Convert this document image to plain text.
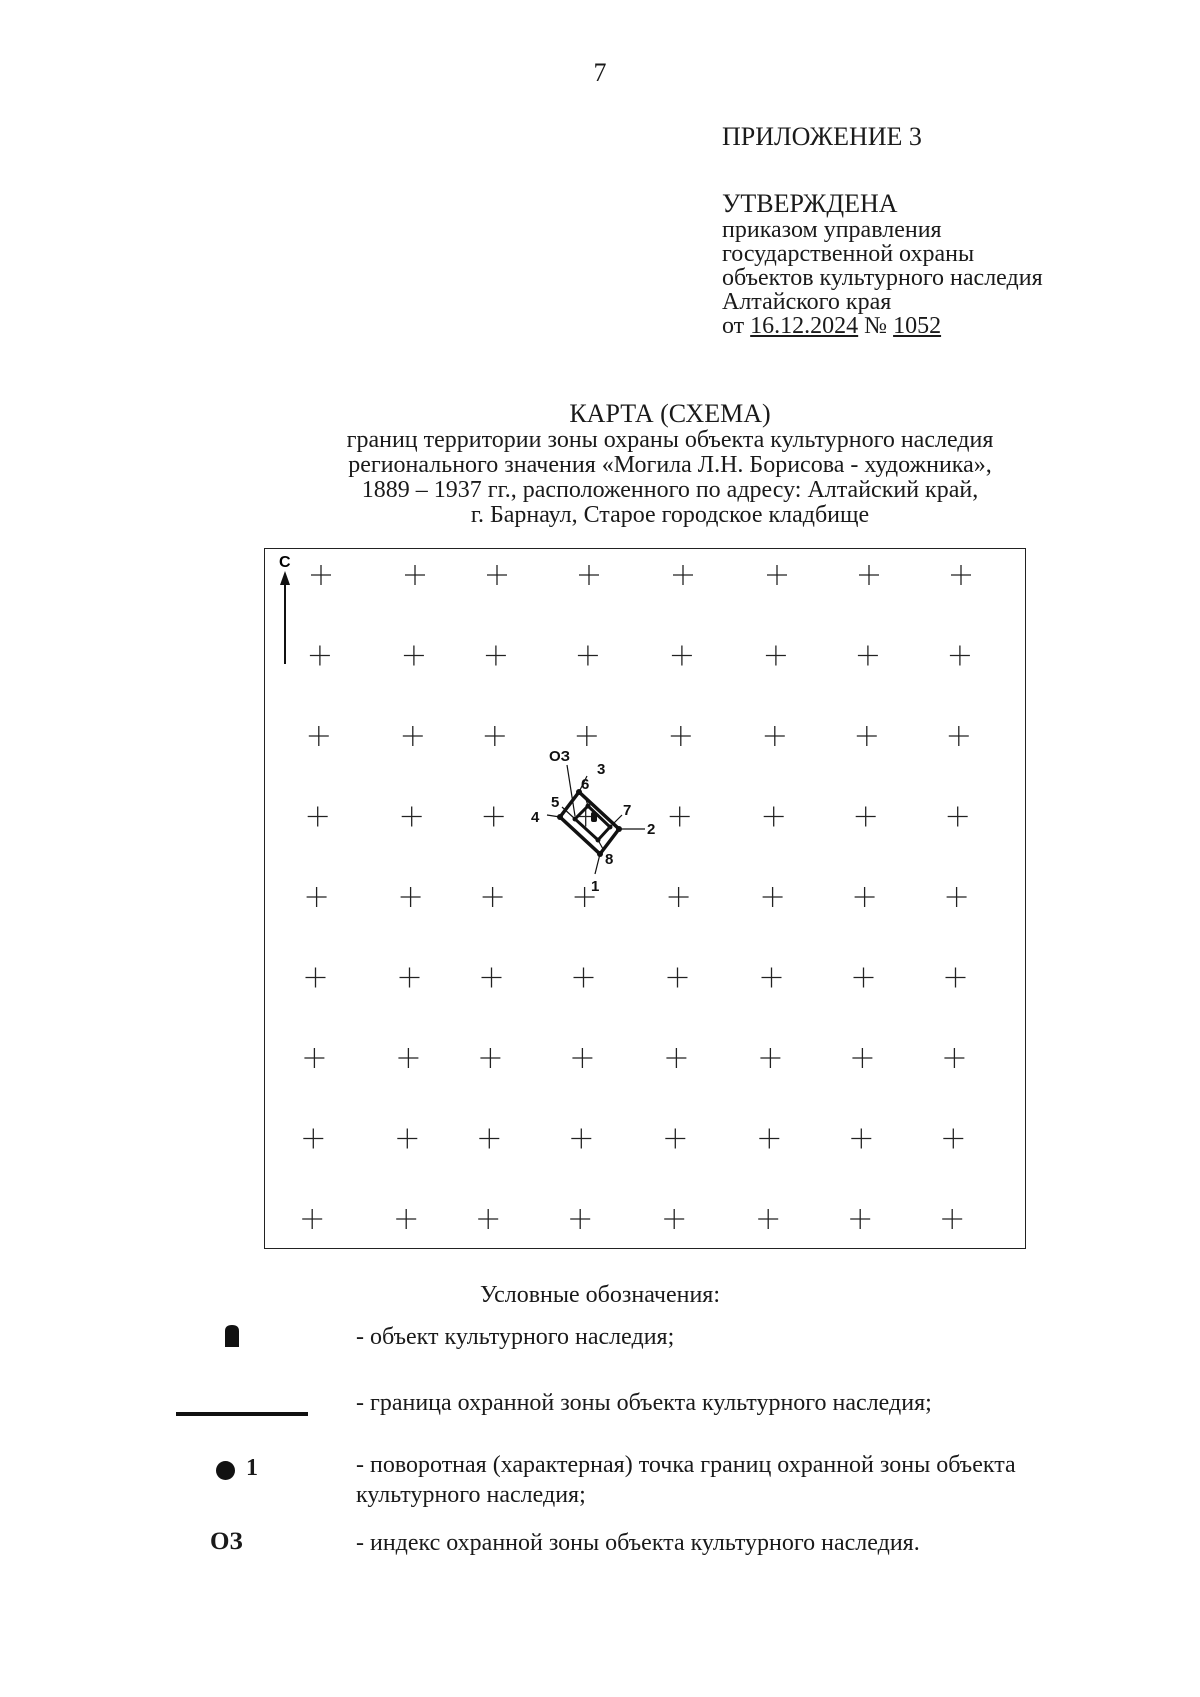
7
ПРИЛОЖЕНИЕ 3
УТВЕРЖДЕНА
приказом управления
государственной охраны
объектов культурного наследия
Алтайского края
от 16.12.2024 № 1052
КАРТА (СХЕМА)
границ территории зоны охраны объекта культурного наследия
регионального значения «Могила Л.Н. Борисова - художника»,
1889 – 1937 гг., расположенного по адресу: Алтайский край,
г. Барнаул, Старое городское кладбище
С
ОЗ
1
2
3
4
5
6
7
8
Условные обозначения:
- объект культурного наследия;
- граница охранной зоны объекта культурного наследия;
1	- поворотная (характерная) точка границ охранной зоны объекта культурного наследия;
ОЗ	- индекс охранной зоны объекта культурного наследия.
